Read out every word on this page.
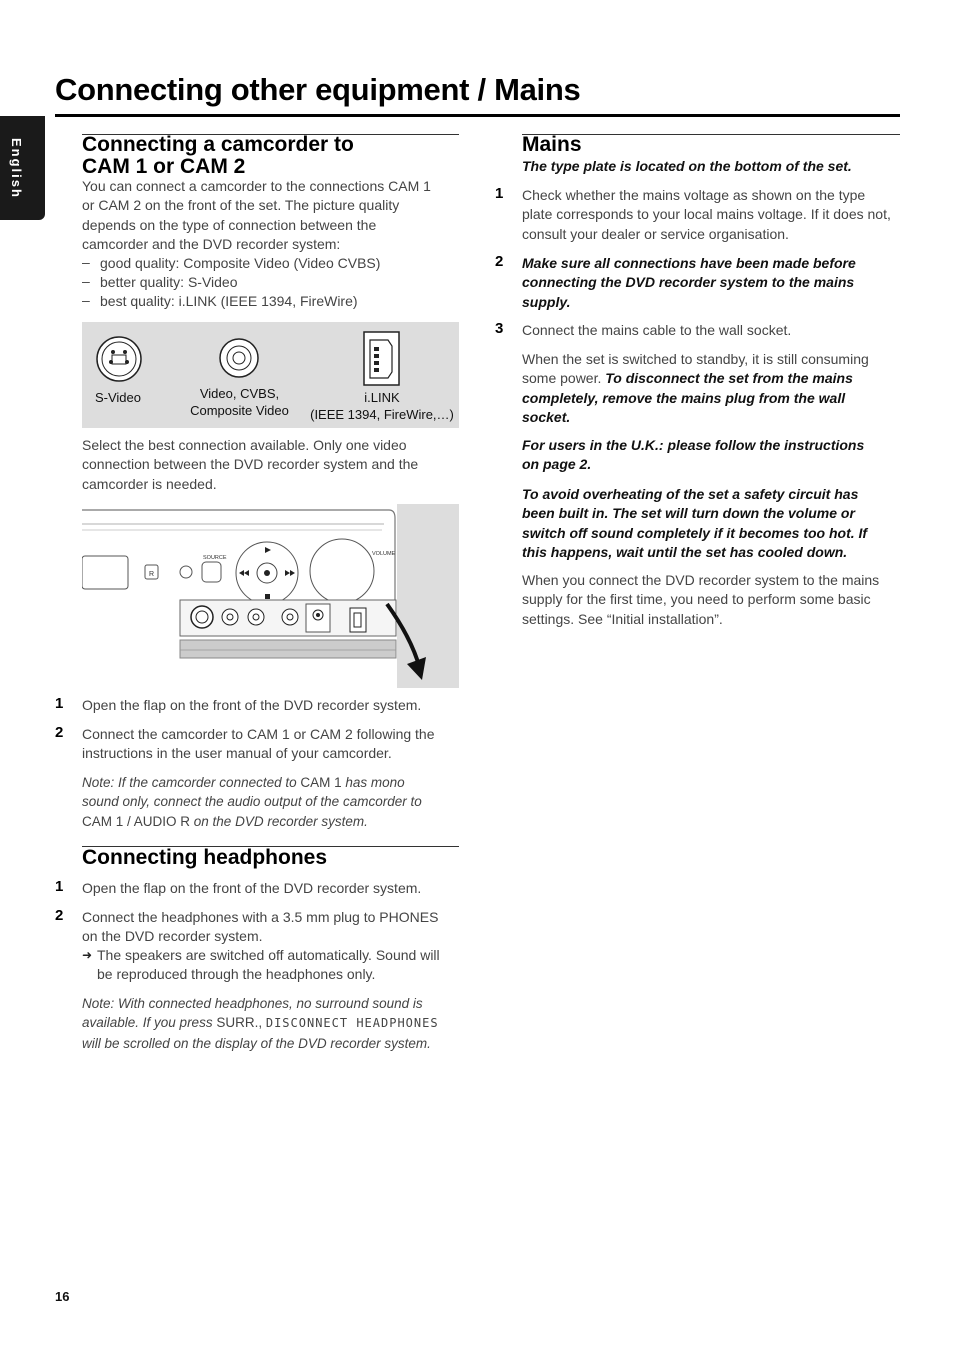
Connecting other equipment / Mains
English	Connecting a camcorder to
CAM 1 or CAM 2
You can connect a camcorder to the connections CAM 1
or CAM 2 on the front of the set. The picture quality
depends on the type of connection between the
camcorder and the DVD recorder system:
– good quality: Composite Video (Video CVBS)
– better quality: S-Video
– best quality: i.LINK (IEEE 1394, FireWire)
S-Video	Video, CVBS,
Composite Video
i.LINK
(IEEE 1394, FireWire,…)
Select the best connection available. Only one video
connection between the DVD recorder system and the
camcorder is needed.
R
SOURCE
VOLUME
1 Open the flap on the front of the DVD recorder system.
2 Connect the camcorder to CAM 1 or CAM 2 following the
instructions in the user manual of your camcorder.
Note: If the camcorder connected to CAM 1 has mono
sound only, connect the audio output of the camcorder to
CAM 1 / AUDIO R on the DVD recorder system.
Connecting headphones
1 Open the flap on the front of the DVD recorder system.
2 Connect the headphones with a 3.5 mm plug to PHONES
on the DVD recorder system.
➜ The speakers are switched off automatically. Sound will
be reproduced through the headphones only.
Note: With connected headphones, no surround sound is
available. If you press SURR., DISCONNECT HEADPHONES
will be scrolled on the display of the DVD recorder system.
Mains
The type plate is located on the bottom of the set.
1 Check whether the mains voltage as shown on the type
plate corresponds to your local mains voltage. If it does not,
consult your dealer or service organisation.
2 Make sure all connections have been made before
connecting the DVD recorder system to the mains
supply.
3 Connect the mains cable to the wall socket.
When the set is switched to standby, it is still consuming
some power. To disconnect the set from the mains
completely, remove the mains plug from the wall
socket.
For users in the U.K.: please follow the instructions
on page 2.
To avoid overheating of the set a safety circuit has
been built in. The set will turn down the volume or
switch off sound completely if it becomes too hot. If
this happens, wait until the set has cooled down.
When you connect the DVD recorder system to the mains
supply for the first time, you need to perform some basic
settings. See “Initial installation”.
16
